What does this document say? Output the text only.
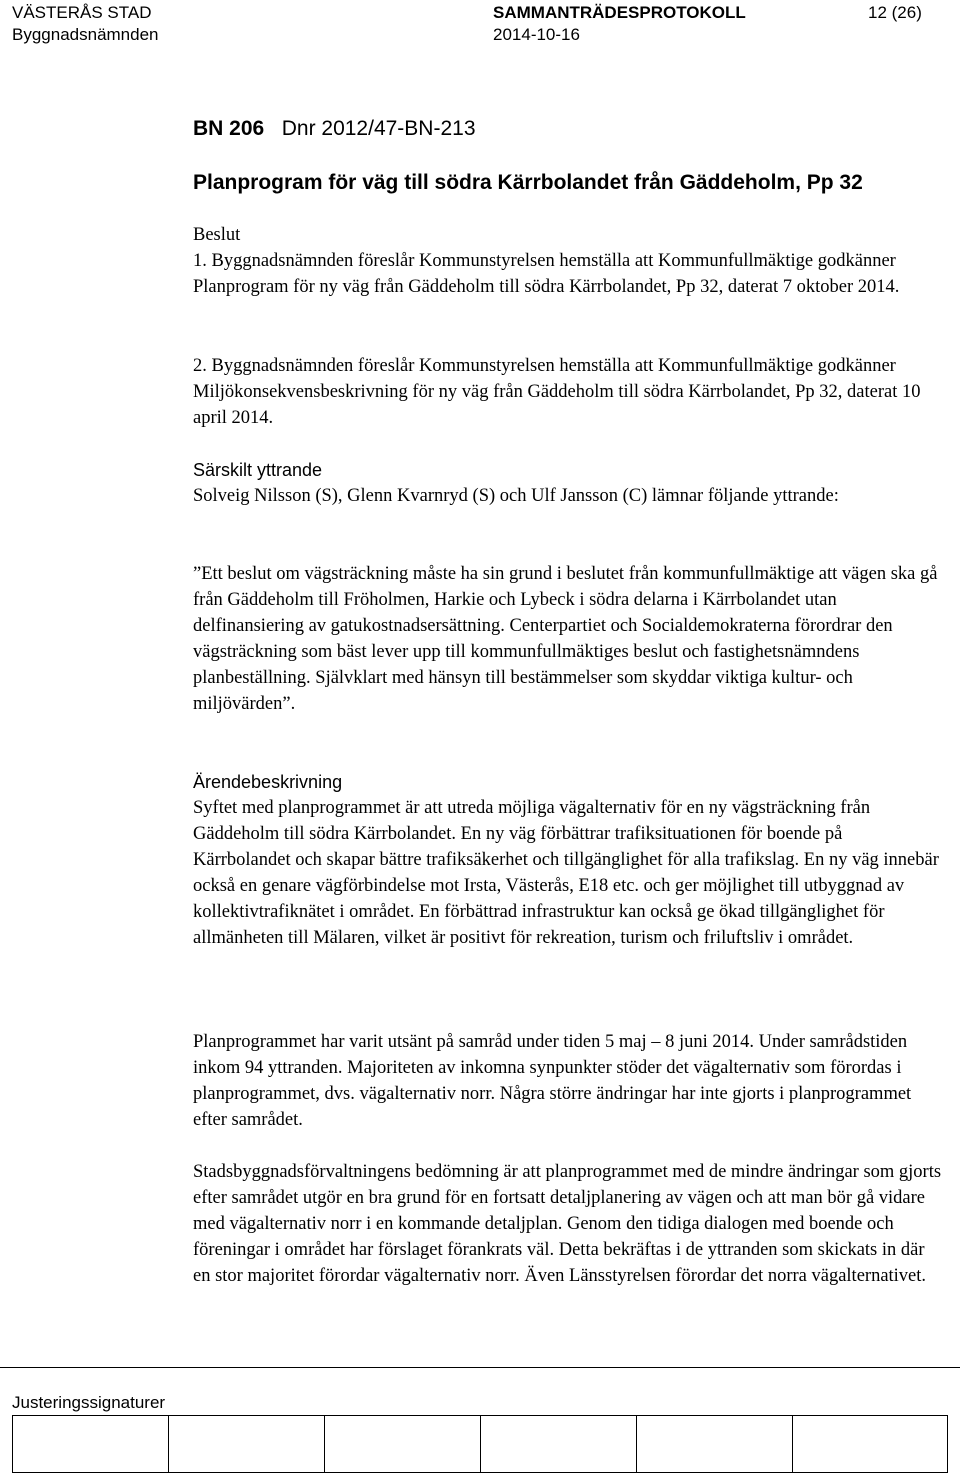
VÄSTERÅS STAD
Byggnadsnämnden
SAMMANTRÄDESPROTOKOLL
2014-10-16
12 (26)
BN 206 Dnr 2012/47-BN-213
Planprogram för väg till södra Kärrbolandet från Gäddeholm, Pp 32

Beslut

1. Byggnadsnämnden föreslår Kommunstyrelsen hemställa att Kommunfullmäktige godkänner Planprogram för ny väg från Gäddeholm till södra Kärrbolandet, Pp 32, daterat 7 oktober 2014.

2. Byggnadsnämnden föreslår Kommunstyrelsen hemställa att Kommunfullmäktige godkänner Miljökonsekvensbeskrivning för ny väg från Gäddeholm till södra Kärrbolandet, Pp 32, daterat 10 april 2014.

Särskilt yttrande

Solveig Nilsson (S), Glenn Kvarnryd (S) och Ulf Jansson (C) lämnar följande yttrande:

”Ett beslut om vägsträckning måste ha sin grund i beslutet från kommunfullmäktige att vägen ska gå från Gäddeholm till Fröholmen, Harkie och Lybeck i södra delarna i Kärrbolandet utan delfinansiering av gatukostnadsersättning. Centerpartiet och Socialdemokraterna förordrar den vägsträckning som bäst lever upp till kommunfullmäktiges beslut och fastighetsnämndens planbeställning. Självklart med hänsyn till bestämmelser som skyddar viktiga kultur- och miljövärden”.

Ärendebeskrivning

Syftet med planprogrammet är att utreda möjliga vägalternativ för en ny vägsträckning från Gäddeholm till södra Kärrbolandet. En ny väg förbättrar trafiksituationen för boende på Kärrbolandet och skapar bättre trafiksäkerhet och tillgänglighet för alla trafikslag. En ny väg innebär också en genare vägförbindelse mot Irsta, Västerås, E18 etc. och ger möjlighet till utbyggnad av kollektivtrafiknätet i området. En förbättrad infrastruktur kan också ge ökad tillgänglighet för allmänheten till Mälaren, vilket är positivt för rekreation, turism och friluftsliv i området.

Planprogrammet har varit utsänt på samråd under tiden 5 maj – 8 juni 2014. Under samrådstiden inkom 94 yttranden. Majoriteten av inkomna synpunkter stöder det vägalternativ som förordas i planprogrammet, dvs. vägalternativ norr. Några större ändringar har inte gjorts i planprogrammet efter samrådet.

Stadsbyggnadsförvaltningens bedömning är att planprogrammet med de mindre ändringar som gjorts efter samrådet utgör en bra grund för en fortsatt detaljplanering av vägen och att man bör gå vidare med vägalternativ norr i en kommande detaljplan. Genom den tidiga dialogen med boende och föreningar i området har förslaget förankrats väl. Detta bekräftas i de yttranden som skickats in där en stor majoritet förordar vägalternativ norr. Även Länsstyrelsen förordar det norra vägalternativet.

Justeringssignaturer
